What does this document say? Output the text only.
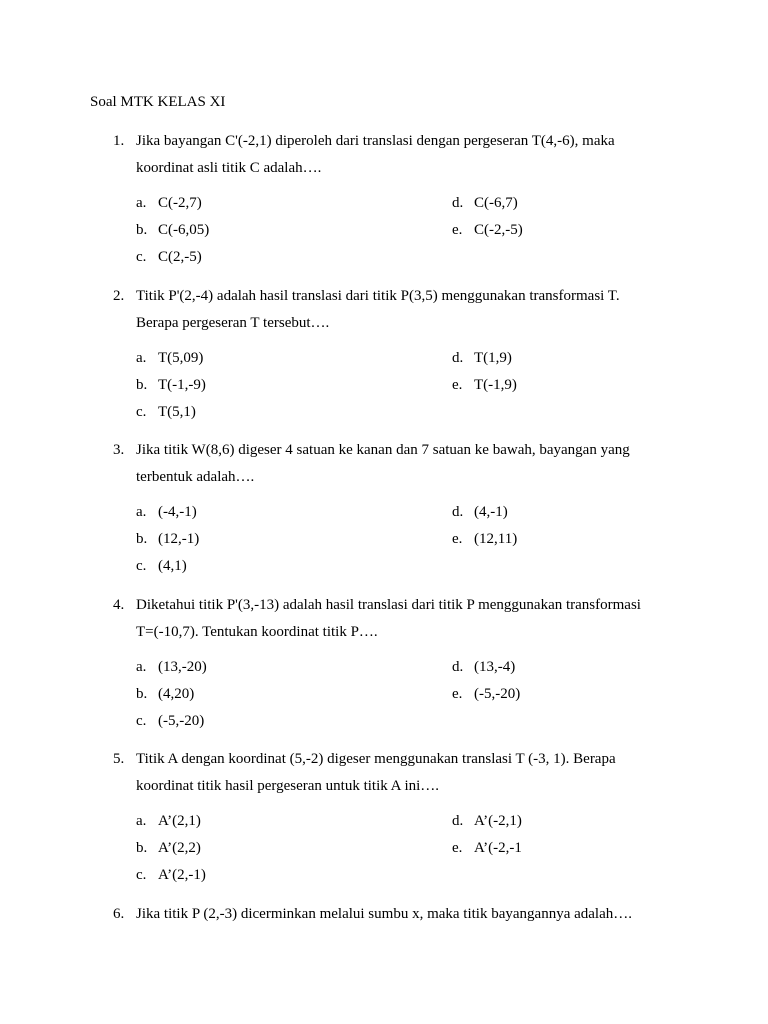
Soal MTK KELAS XI
1. Jika bayangan C'(-2,1) diperoleh dari translasi dengan pergeseran T(4,-6), maka koordinat asli titik C adalah….
a. C(-2,7)
b. C(-6,05)
c. C(2,-5)
d. C(-6,7)
e. C(-2,-5)
2. Titik P'(2,-4) adalah hasil translasi dari titik P(3,5) menggunakan transformasi T. Berapa pergeseran T tersebut….
a. T(5,09)
b. T(-1,-9)
c. T(5,1)
d. T(1,9)
e. T(-1,9)
3. Jika titik W(8,6) digeser 4 satuan ke kanan dan 7 satuan ke bawah, bayangan yang terbentuk adalah….
a. (-4,-1)
b. (12,-1)
c. (4,1)
d. (4,-1)
e. (12,11)
4. Diketahui titik P'(3,-13) adalah hasil translasi dari titik P menggunakan transformasi T=(-10,7). Tentukan koordinat titik P….
a. (13,-20)
b. (4,20)
c. (-5,-20)
d. (13,-4)
e. (-5,-20)
5. Titik A dengan koordinat (5,-2) digeser menggunakan translasi T (-3, 1). Berapa koordinat titik hasil pergeseran untuk titik A ini….
a. A’(2,1)
b. A’(2,2)
c. A’(2,-1)
d. A’(-2,1)
e. A’(-2,-1
6. Jika titik P (2,-3) dicerminkan melalui sumbu x, maka titik bayangannya adalah….
